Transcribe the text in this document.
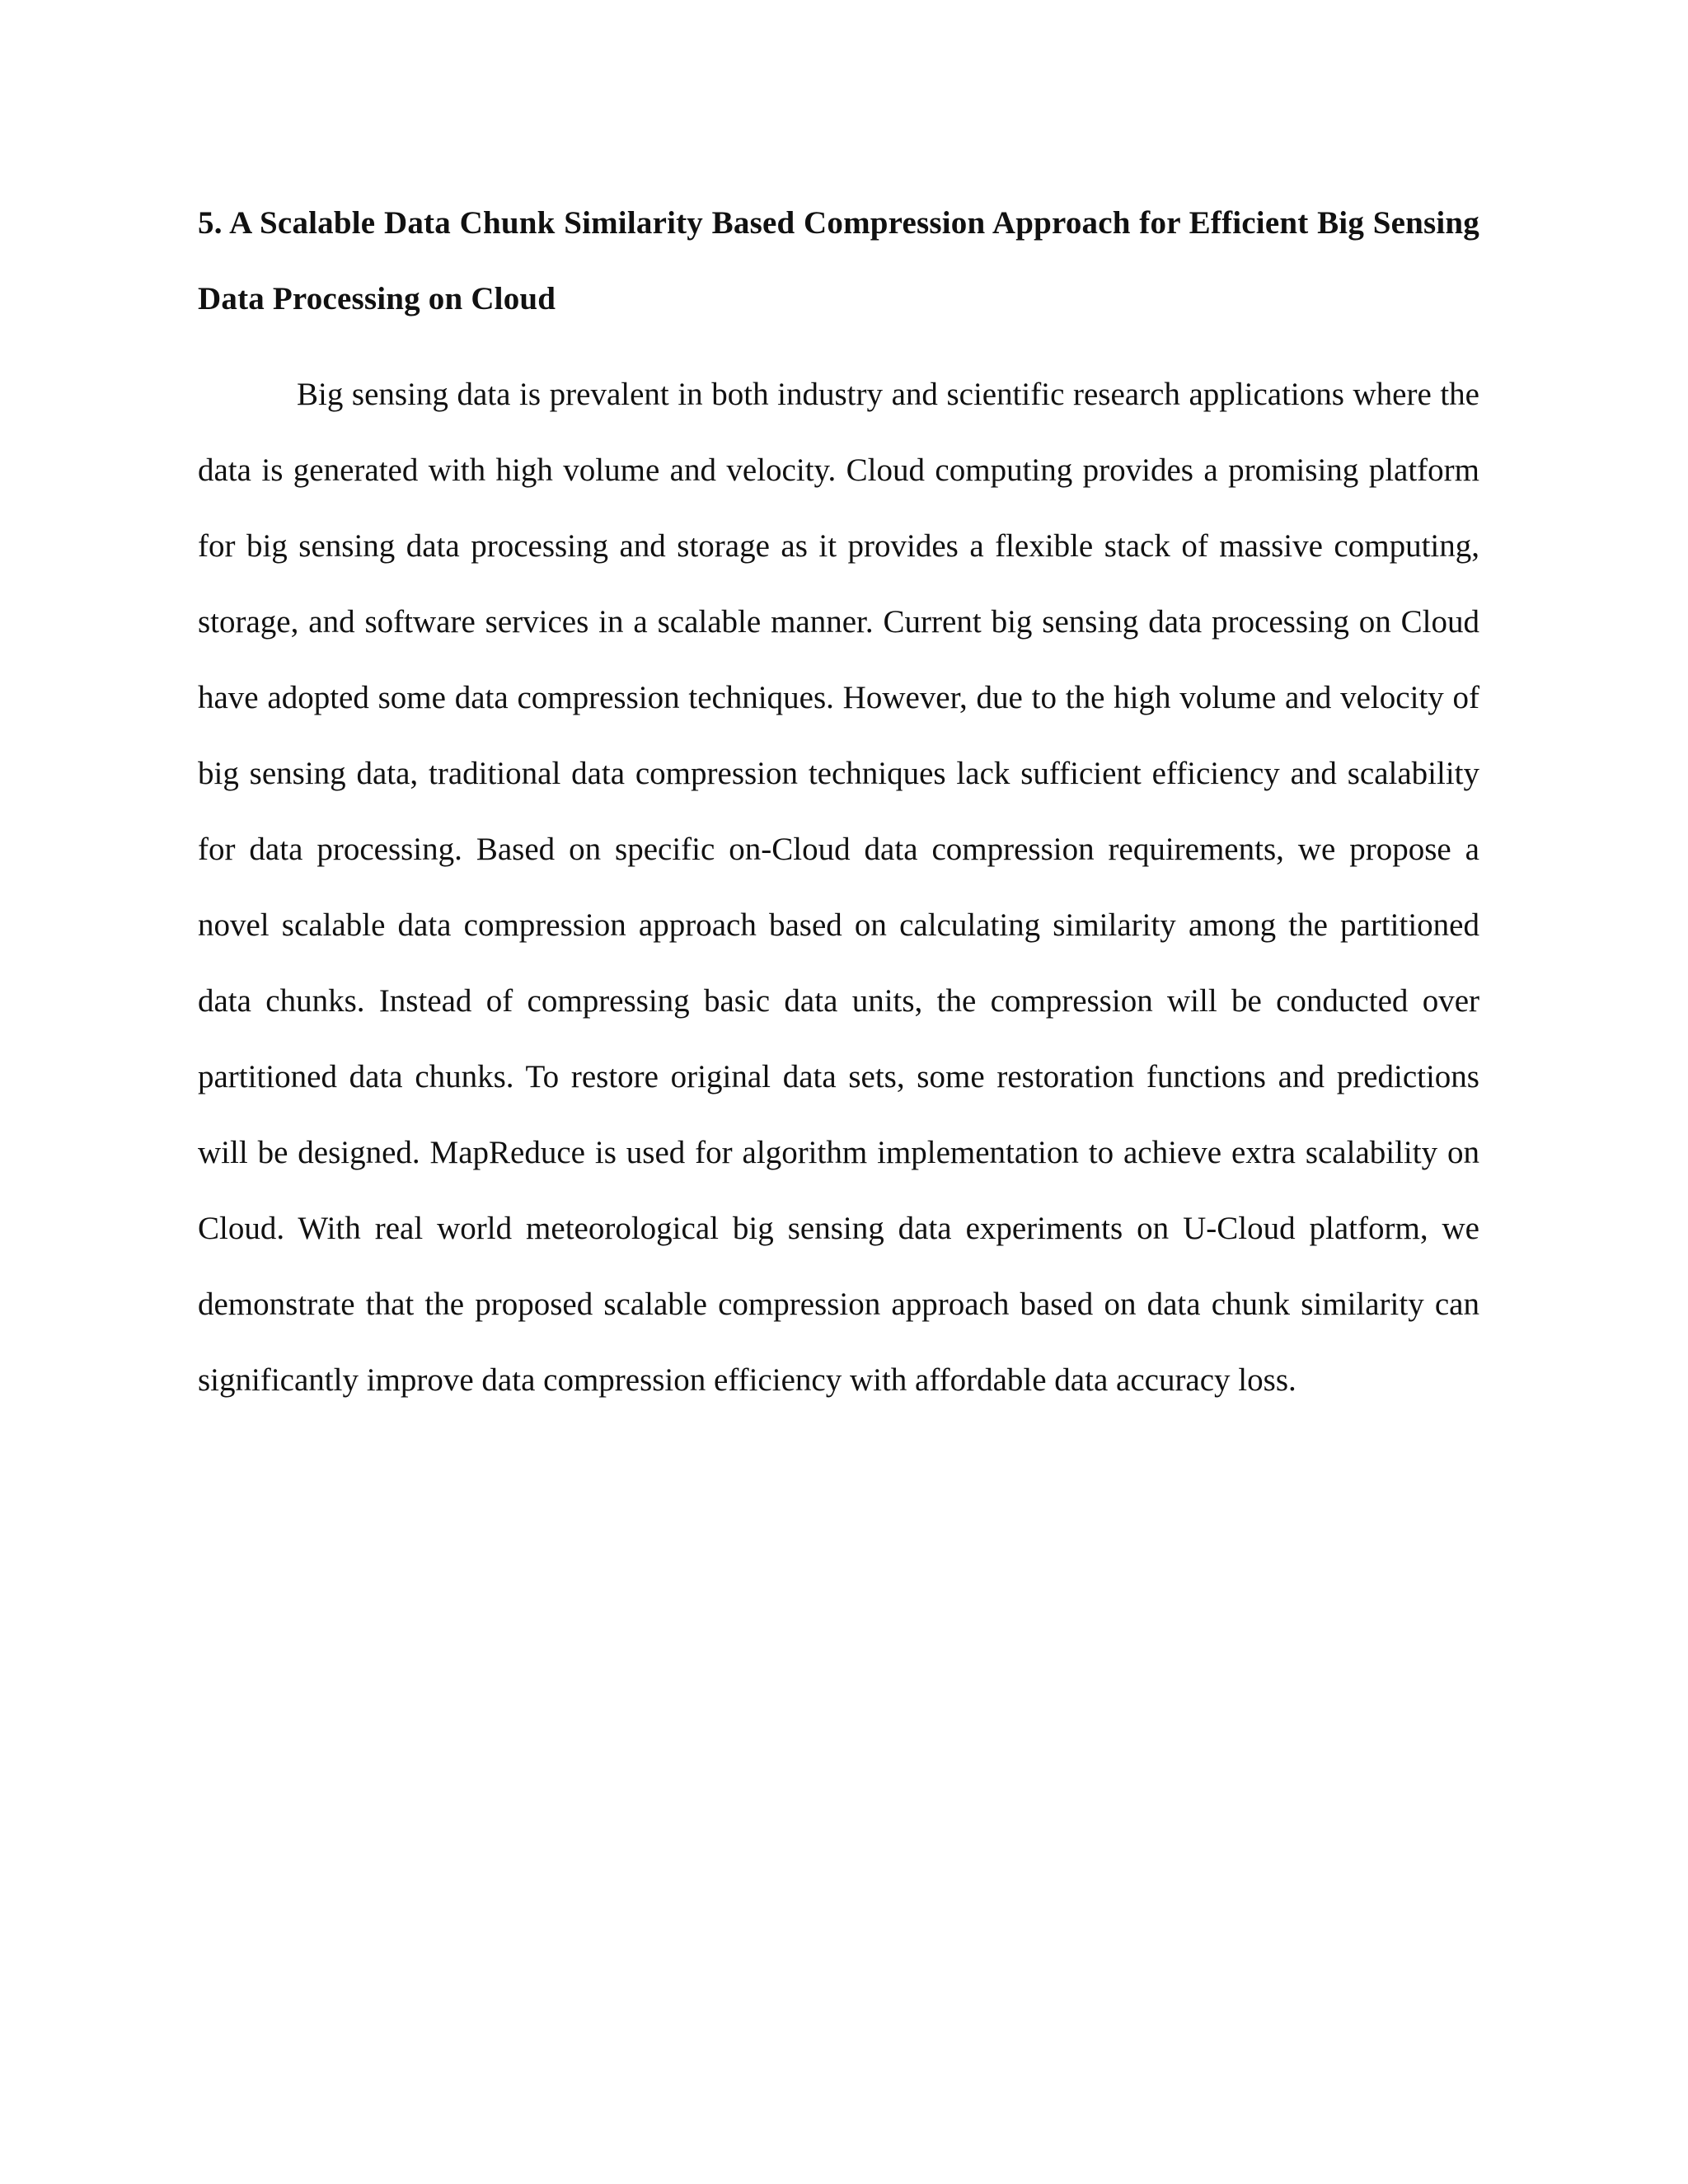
5. A Scalable Data Chunk Similarity Based Compression Approach for Efficient Big Sensing Data Processing on Cloud

Big sensing data is prevalent in both industry and scientific research applications where the data is generated with high volume and velocity. Cloud computing provides a promising platform for big sensing data processing and storage as it provides a flexible stack of massive computing, storage, and software services in a scalable manner. Current big sensing data processing on Cloud have adopted some data compression techniques. However, due to the high volume and velocity of big sensing data, traditional data compression techniques lack sufficient efficiency and scalability for data processing. Based on specific on-Cloud data compression requirements, we propose a novel scalable data compression approach based on calculating similarity among the partitioned data chunks. Instead of compressing basic data units, the compression will be conducted over partitioned data chunks. To restore original data sets, some restoration functions and predictions will be designed. MapReduce is used for algorithm implementation to achieve extra scalability on Cloud. With real world meteorological big sensing data experiments on U-Cloud platform, we demonstrate that the proposed scalable compression approach based on data chunk similarity can significantly improve data compression efficiency with affordable data accuracy loss.
